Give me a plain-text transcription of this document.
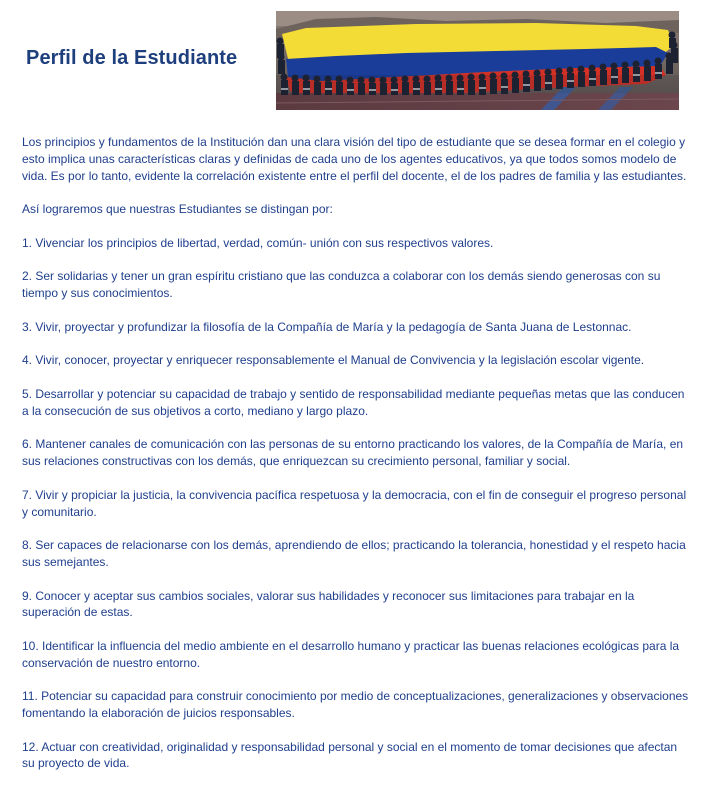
Perfil de la Estudiante

Los principios y fundamentos de la Institución dan una clara visión del tipo de estudiante que se desea formar en el colegio y esto implica unas características claras y definidas de cada uno de los agentes educativos, ya que todos somos modelo de vida. Es por lo tanto, evidente la correlación existente entre el perfil del docente, el de los padres de familia y las estudiantes.

Así lograremos que nuestras Estudiantes se distingan por:

1. Vivenciar los principios de libertad, verdad, común- unión con sus respectivos valores.
2. Ser solidarias y tener un gran espíritu cristiano que las conduzca a colaborar con los demás siendo generosas con su tiempo y sus conocimientos.
3. Vivir, proyectar y profundizar la filosofía de la Compañía de María y la pedagogía de Santa Juana de Lestonnac.
4. Vivir, conocer, proyectar y enriquecer responsablemente el Manual de Convivencia y la legislación escolar vigente.
5. Desarrollar y potenciar su capacidad de trabajo y sentido de responsabilidad mediante pequeñas metas que las conducen a la consecución de sus objetivos a corto, mediano y largo plazo.
6. Mantener canales de comunicación con las personas de su entorno practicando los valores, de la Compañía de María, en sus relaciones constructivas con los demás, que enriquezcan su crecimiento personal, familiar y social.
7. Vivir y propiciar la justicia, la convivencia pacífica respetuosa y la democracia, con el fin de conseguir el progreso personal y comunitario.
8. Ser capaces de relacionarse con los demás, aprendiendo de ellos; practicando la tolerancia, honestidad y el respeto hacia sus semejantes.
9. Conocer y aceptar sus cambios sociales, valorar sus habilidades y reconocer sus limitaciones para trabajar en la superación de estas.
10. Identificar la influencia del medio ambiente en el desarrollo humano y practicar las buenas relaciones ecológicas para la conservación de nuestro entorno.
11. Potenciar su capacidad para construir conocimiento por medio de conceptualizaciones, generalizaciones y observaciones fomentando la elaboración de juicios responsables.
12. Actuar con creatividad, originalidad y responsabilidad personal y social en el momento de tomar decisiones que afectan su proyecto de vida.
